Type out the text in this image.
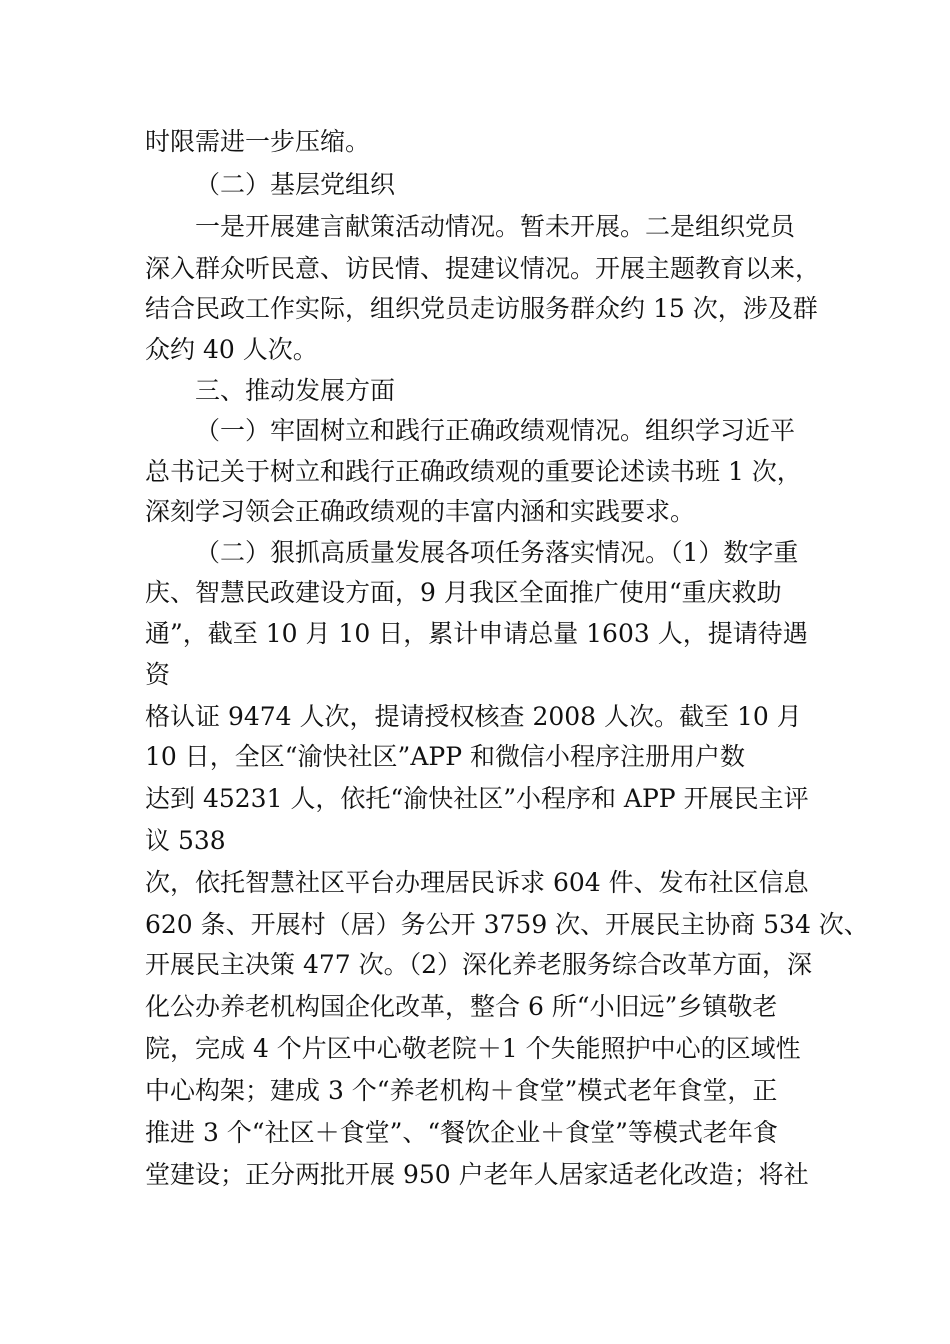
时限需进一步压缩。
（二）基层党组织
一是开展建言献策活动情况。暂未开展。二是组织党员
深入群众听民意、访民情、提建议情况。开展主题教育以来，
结合民政工作实际，组织党员走访服务群众约 15 次，涉及群
众约 40 人次。
三、推动发展方面
（一）牢固树立和践行正确政绩观情况。组织学习近平
总书记关于树立和践行正确政绩观的重要论述读书班 1 次，
深刻学习领会正确政绩观的丰富内涵和实践要求。
（二）狠抓高质量发展各项任务落实情况。（1）数字重
庆、智慧民政建设方面，9 月我区全面推广使用“重庆救助
通”，截至 10 月 10 日，累计申请总量 1603 人，提请待遇
资
格认证 9474 人次，提请授权核查 2008 人次。截至 10 月
10 日，全区“渝快社区”APP 和微信小程序注册用户数
达到 45231 人，依托“渝快社区”小程序和 APP 开展民主评
议 538
次，依托智慧社区平台办理居民诉求 604 件、发布社区信息
620 条、开展村（居）务公开 3759 次、开展民主协商 534 次、
开展民主决策 477 次。（2）深化养老服务综合改革方面，深
化公办养老机构国企化改革，整合 6 所“小旧远”乡镇敬老
院，完成 4 个片区中心敬老院＋1 个失能照护中心的区域性
中心构架；建成 3 个“养老机构＋食堂”模式老年食堂，正
推进 3 个“社区＋食堂”、“餐饮企业＋食堂”等模式老年食
堂建设；正分两批开展 950 户老年人居家适老化改造；将社
